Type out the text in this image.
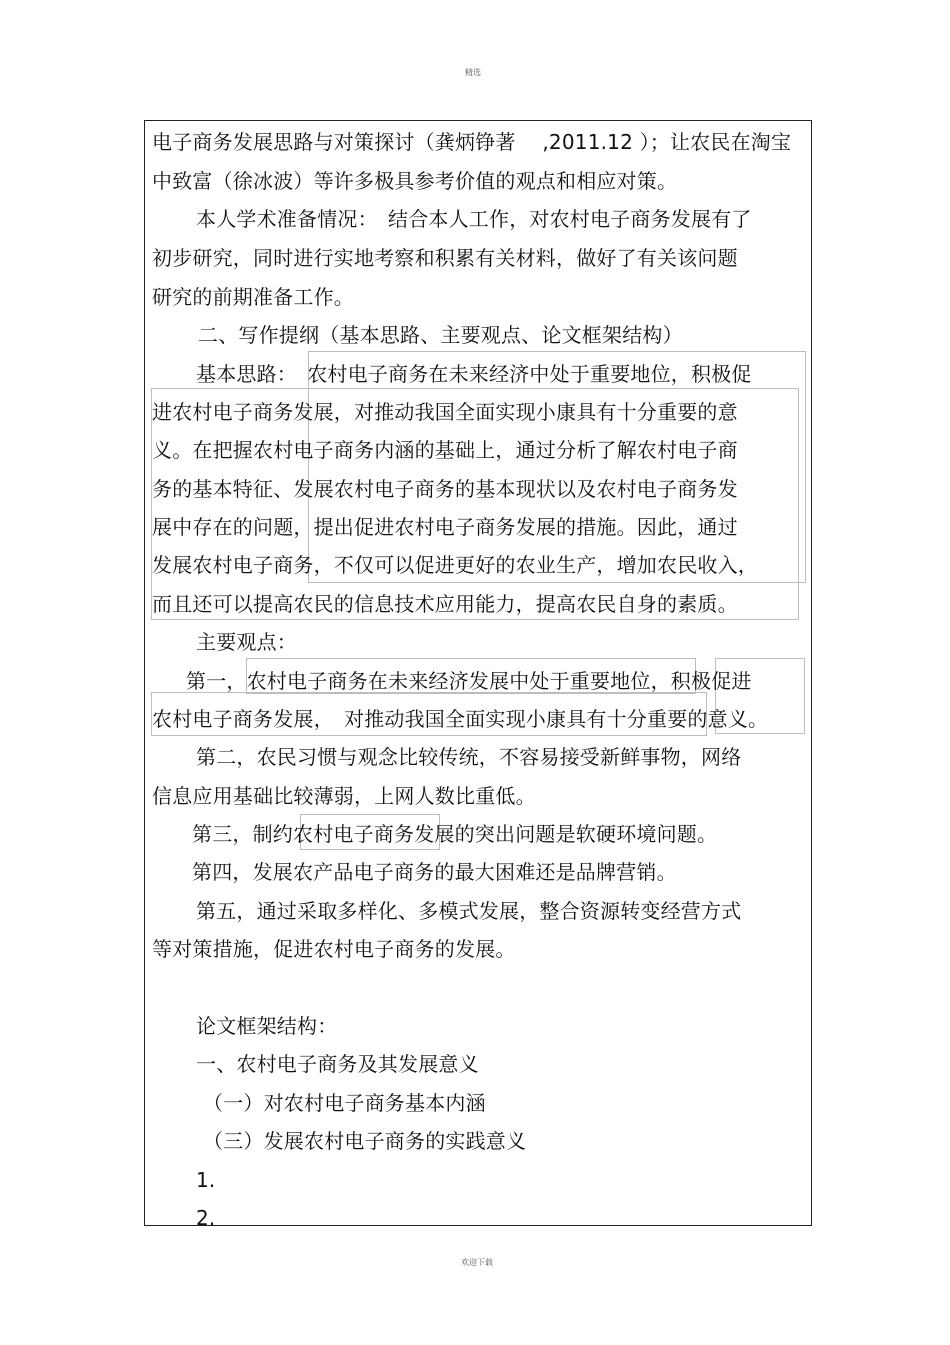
精选
电子商务发展思路与对策探讨（龚炳铮著　 ,2011.12 ）；让农民在淘宝
中致富（徐冰波）等许多极具参考价值的观点和相应对策。
本人学术准备情况：　结合本人工作，对农村电子商务发展有了
初步研究，同时进行实地考察和积累有关材料，做好了有关该问题
研究的前期准备工作。
二、写作提纲（基本思路、主要观点、论文框架结构）
基本思路：　农村电子商务在未来经济中处于重要地位，积极促
进农村电子商务发展，对推动我国全面实现小康具有十分重要的意
义。在把握农村电子商务内涵的基础上，通过分析了解农村电子商
务的基本特征、发展农村电子商务的基本现状以及农村电子商务发
展中存在的问题，提出促进农村电子商务发展的措施。因此，通过
发展农村电子商务，不仅可以促进更好的农业生产，增加农民收入，
而且还可以提高农民的信息技术应用能力，提高农民自身的素质。
主要观点：
第一，农村电子商务在未来经济发展中处于重要地位，积极促进
农村电子商务发展，　对推动我国全面实现小康具有十分重要的意义。
第二，农民习惯与观念比较传统，不容易接受新鲜事物，网络
信息应用基础比较薄弱，上网人数比重低。
第三，制约农村电子商务发展的突出问题是软硬环境问题。
第四，发展农产品电子商务的最大困难还是品牌营销。
第五，通过采取多样化、多模式发展，整合资源转变经营方式
等对策措施，促进农村电子商务的发展。
论文框架结构：
一、农村电子商务及其发展意义
（一）对农村电子商务基本内涵
（三）发展农村电子商务的实践意义
1.
2.
欢迎下载
